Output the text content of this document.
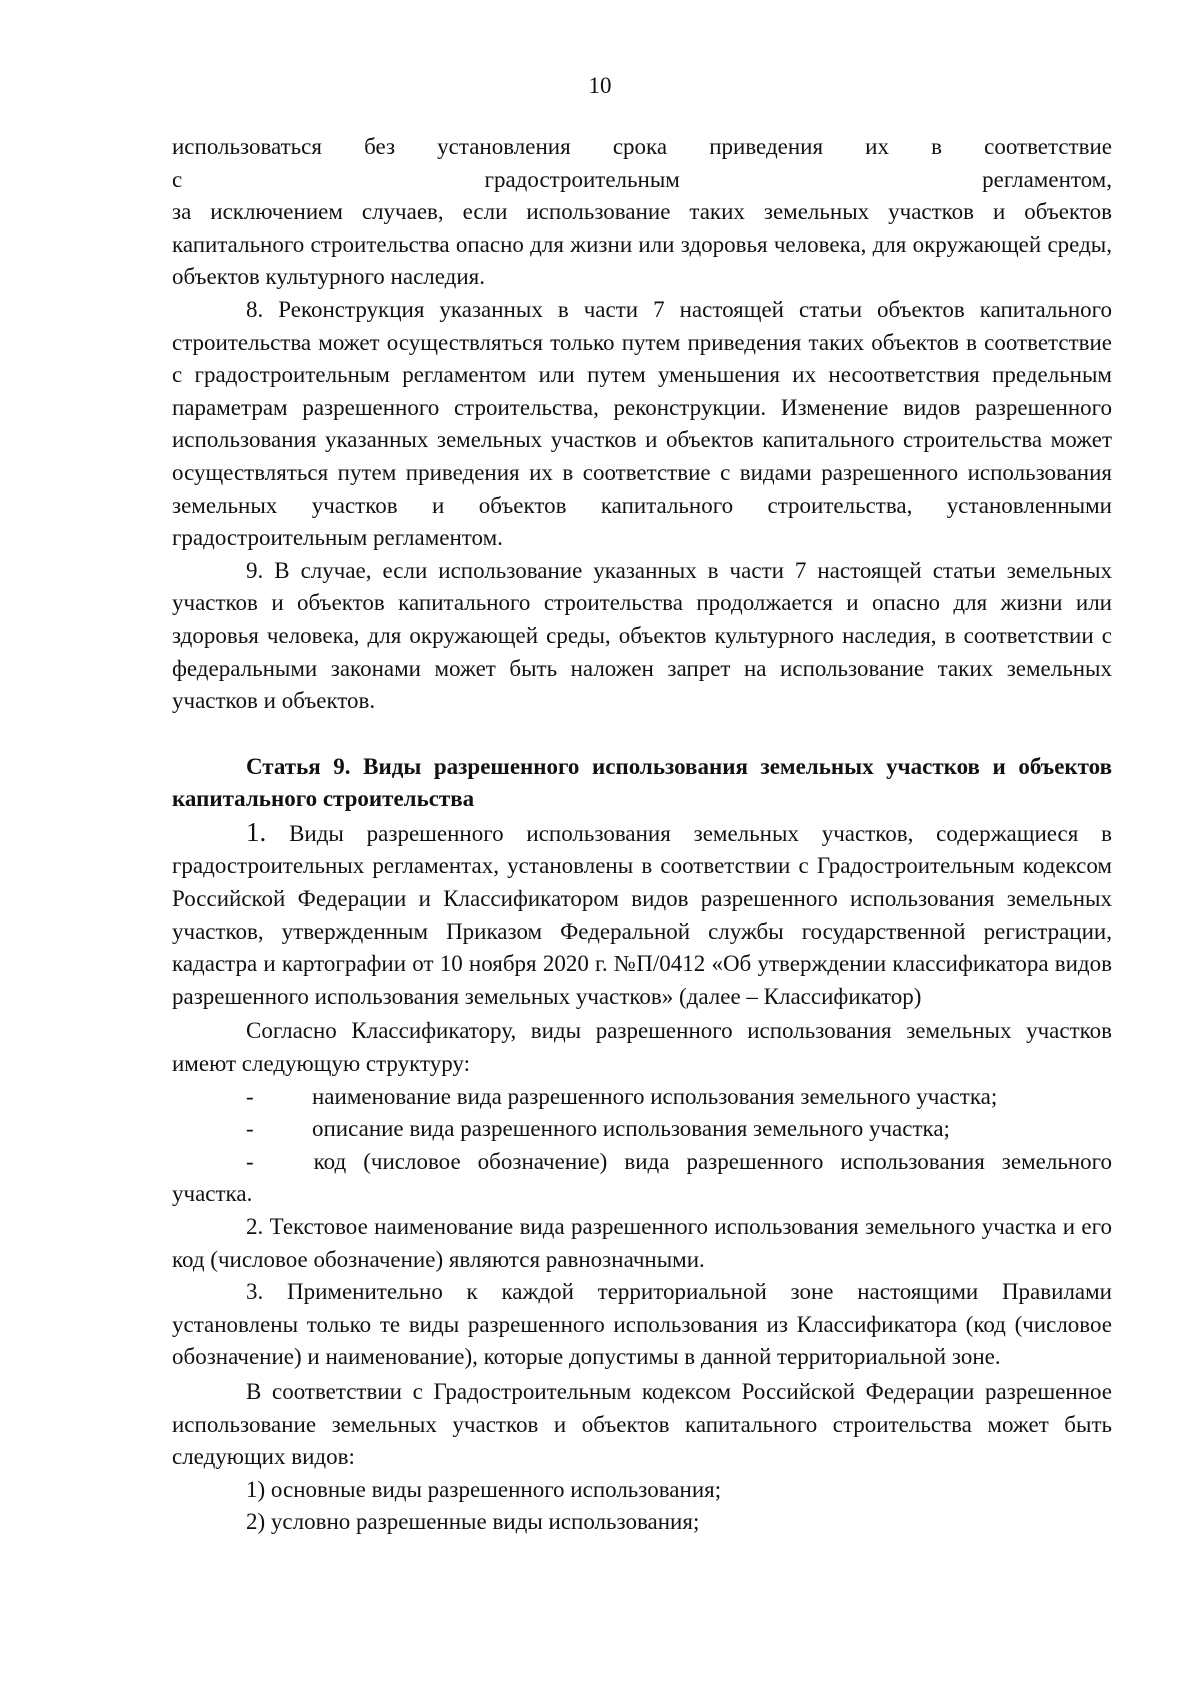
10

использоваться без установления срока приведения их в соответствие

с градостроительным регламентом,

за исключением случаев, если использование таких земельных участков и объектов капитального строительства опасно для жизни или здоровья человека, для окружающей среды, объектов культурного наследия.

8. Реконструкция указанных в части 7 настоящей статьи объектов капитального строительства может осуществляться только путем приведения таких объектов в соответствие с градостроительным регламентом или путем уменьшения их несоответствия предельным параметрам разрешенного строительства, реконструкции. Изменение видов разрешенного использования указанных земельных участков и объектов капитального строительства может осуществляться путем приведения их в соответствие с видами разрешенного использования земельных участков и объектов капитального строительства, установленными градостроительным регламентом.

9. В случае, если использование указанных в части 7 настоящей статьи земельных участков и объектов капитального строительства продолжается и опасно для жизни или здоровья человека, для окружающей среды, объектов культурного наследия, в соответствии с федеральными законами может быть наложен запрет на использование таких земельных участков и объектов.

Статья 9. Виды разрешенного использования земельных участков и объектов капитального строительства

1. Виды разрешенного использования земельных участков, содержащиеся в градостроительных регламентах, установлены в соответствии с Градостроительным кодексом Российской Федерации и Классификатором видов разрешенного использования земельных участков, утвержденным Приказом Федеральной службы государственной регистрации, кадастра и картографии от 10 ноября 2020 г. №П/0412 «Об утверждении классификатора видов разрешенного использования земельных участков» (далее – Классификатор)

Согласно Классификатору, виды разрешенного использования земельных участков имеют следующую структуру:

-	наименование вида разрешенного использования земельного участка;
-	описание вида разрешенного использования земельного участка;

-	код (числовое обозначение) вида разрешенного использования земельного участка.

2. Текстовое наименование вида разрешенного использования земельного участка и его код (числовое обозначение) являются равнозначными.

3. Применительно к каждой территориальной зоне настоящими Правилами установлены только те виды разрешенного использования из Классификатора (код (числовое обозначение) и наименование), которые допустимы в данной территориальной зоне.

В соответствии с Градостроительным кодексом Российской Федерации разрешенное использование земельных участков и объектов капитального строительства может быть следующих видов:

1) основные виды разрешенного использования;

2) условно разрешенные виды использования;
